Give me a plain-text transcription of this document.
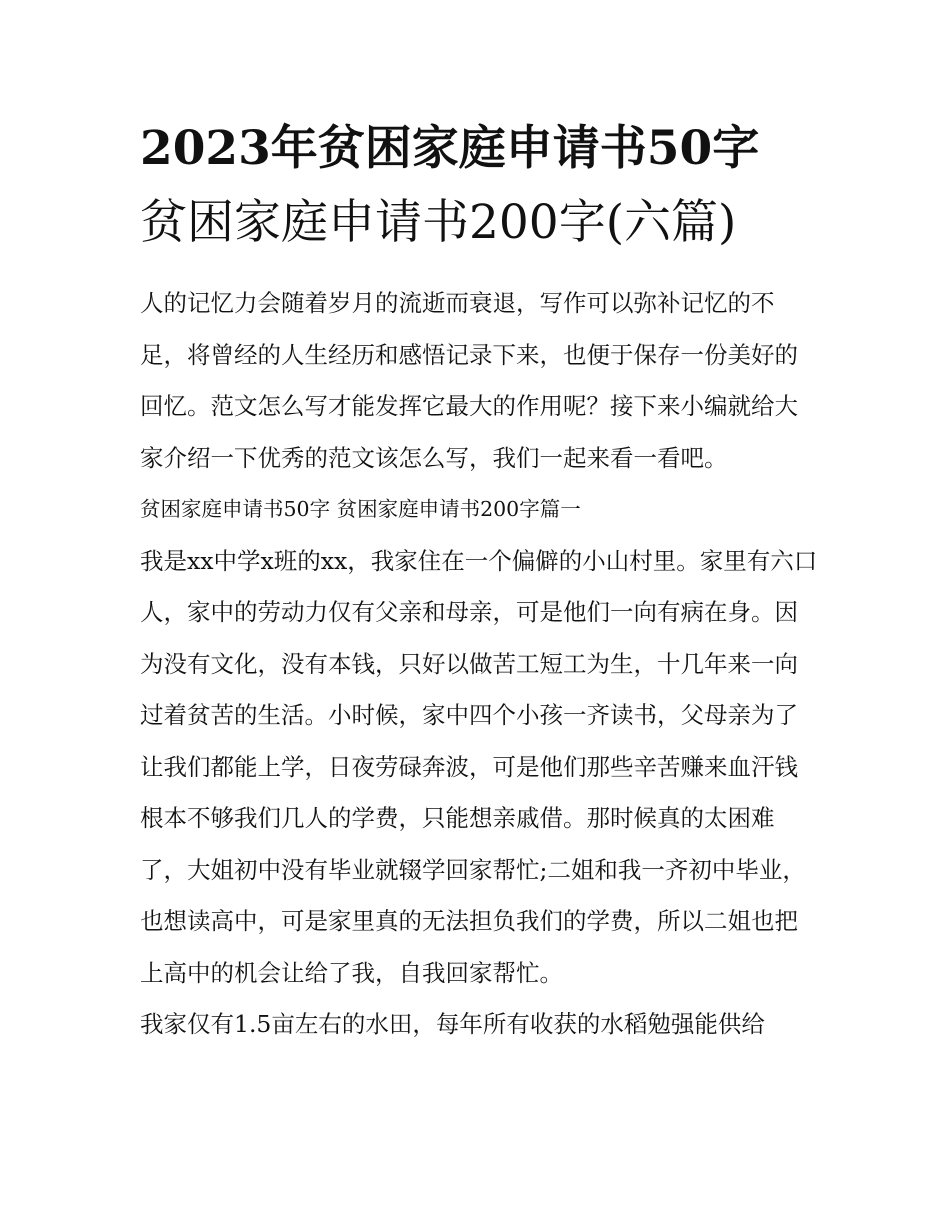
2023年贫困家庭申请书50字
贫困家庭申请书200字(六篇)

人的记忆力会随着岁月的流逝而衰退，写作可以弥补记忆的不足，将曾经的人生经历和感悟记录下来，也便于保存一份美好的回忆。范文怎么写才能发挥它最大的作用呢？接下来小编就给大家介绍一下优秀的范文该怎么写，我们一起来看一看吧。

贫困家庭申请书50字 贫困家庭申请书200字篇一

我是xx中学x班的xx，我家住在一个偏僻的小山村里。家里有六口人，家中的劳动力仅有父亲和母亲，可是他们一向有病在身。因为没有文化，没有本钱，只好以做苦工短工为生，十几年来一向过着贫苦的生活。小时候，家中四个小孩一齐读书，父母亲为了让我们都能上学，日夜劳碌奔波，可是他们那些辛苦赚来血汗钱根本不够我们几人的学费，只能想亲戚借。那时候真的太困难了，大姐初中没有毕业就辍学回家帮忙;二姐和我一齐初中毕业，也想读高中，可是家里真的无法担负我们的学费，所以二姐也把上高中的机会让给了我，自我回家帮忙。

我家仅有1.5亩左右的水田，每年所有收获的水稻勉强能供给
